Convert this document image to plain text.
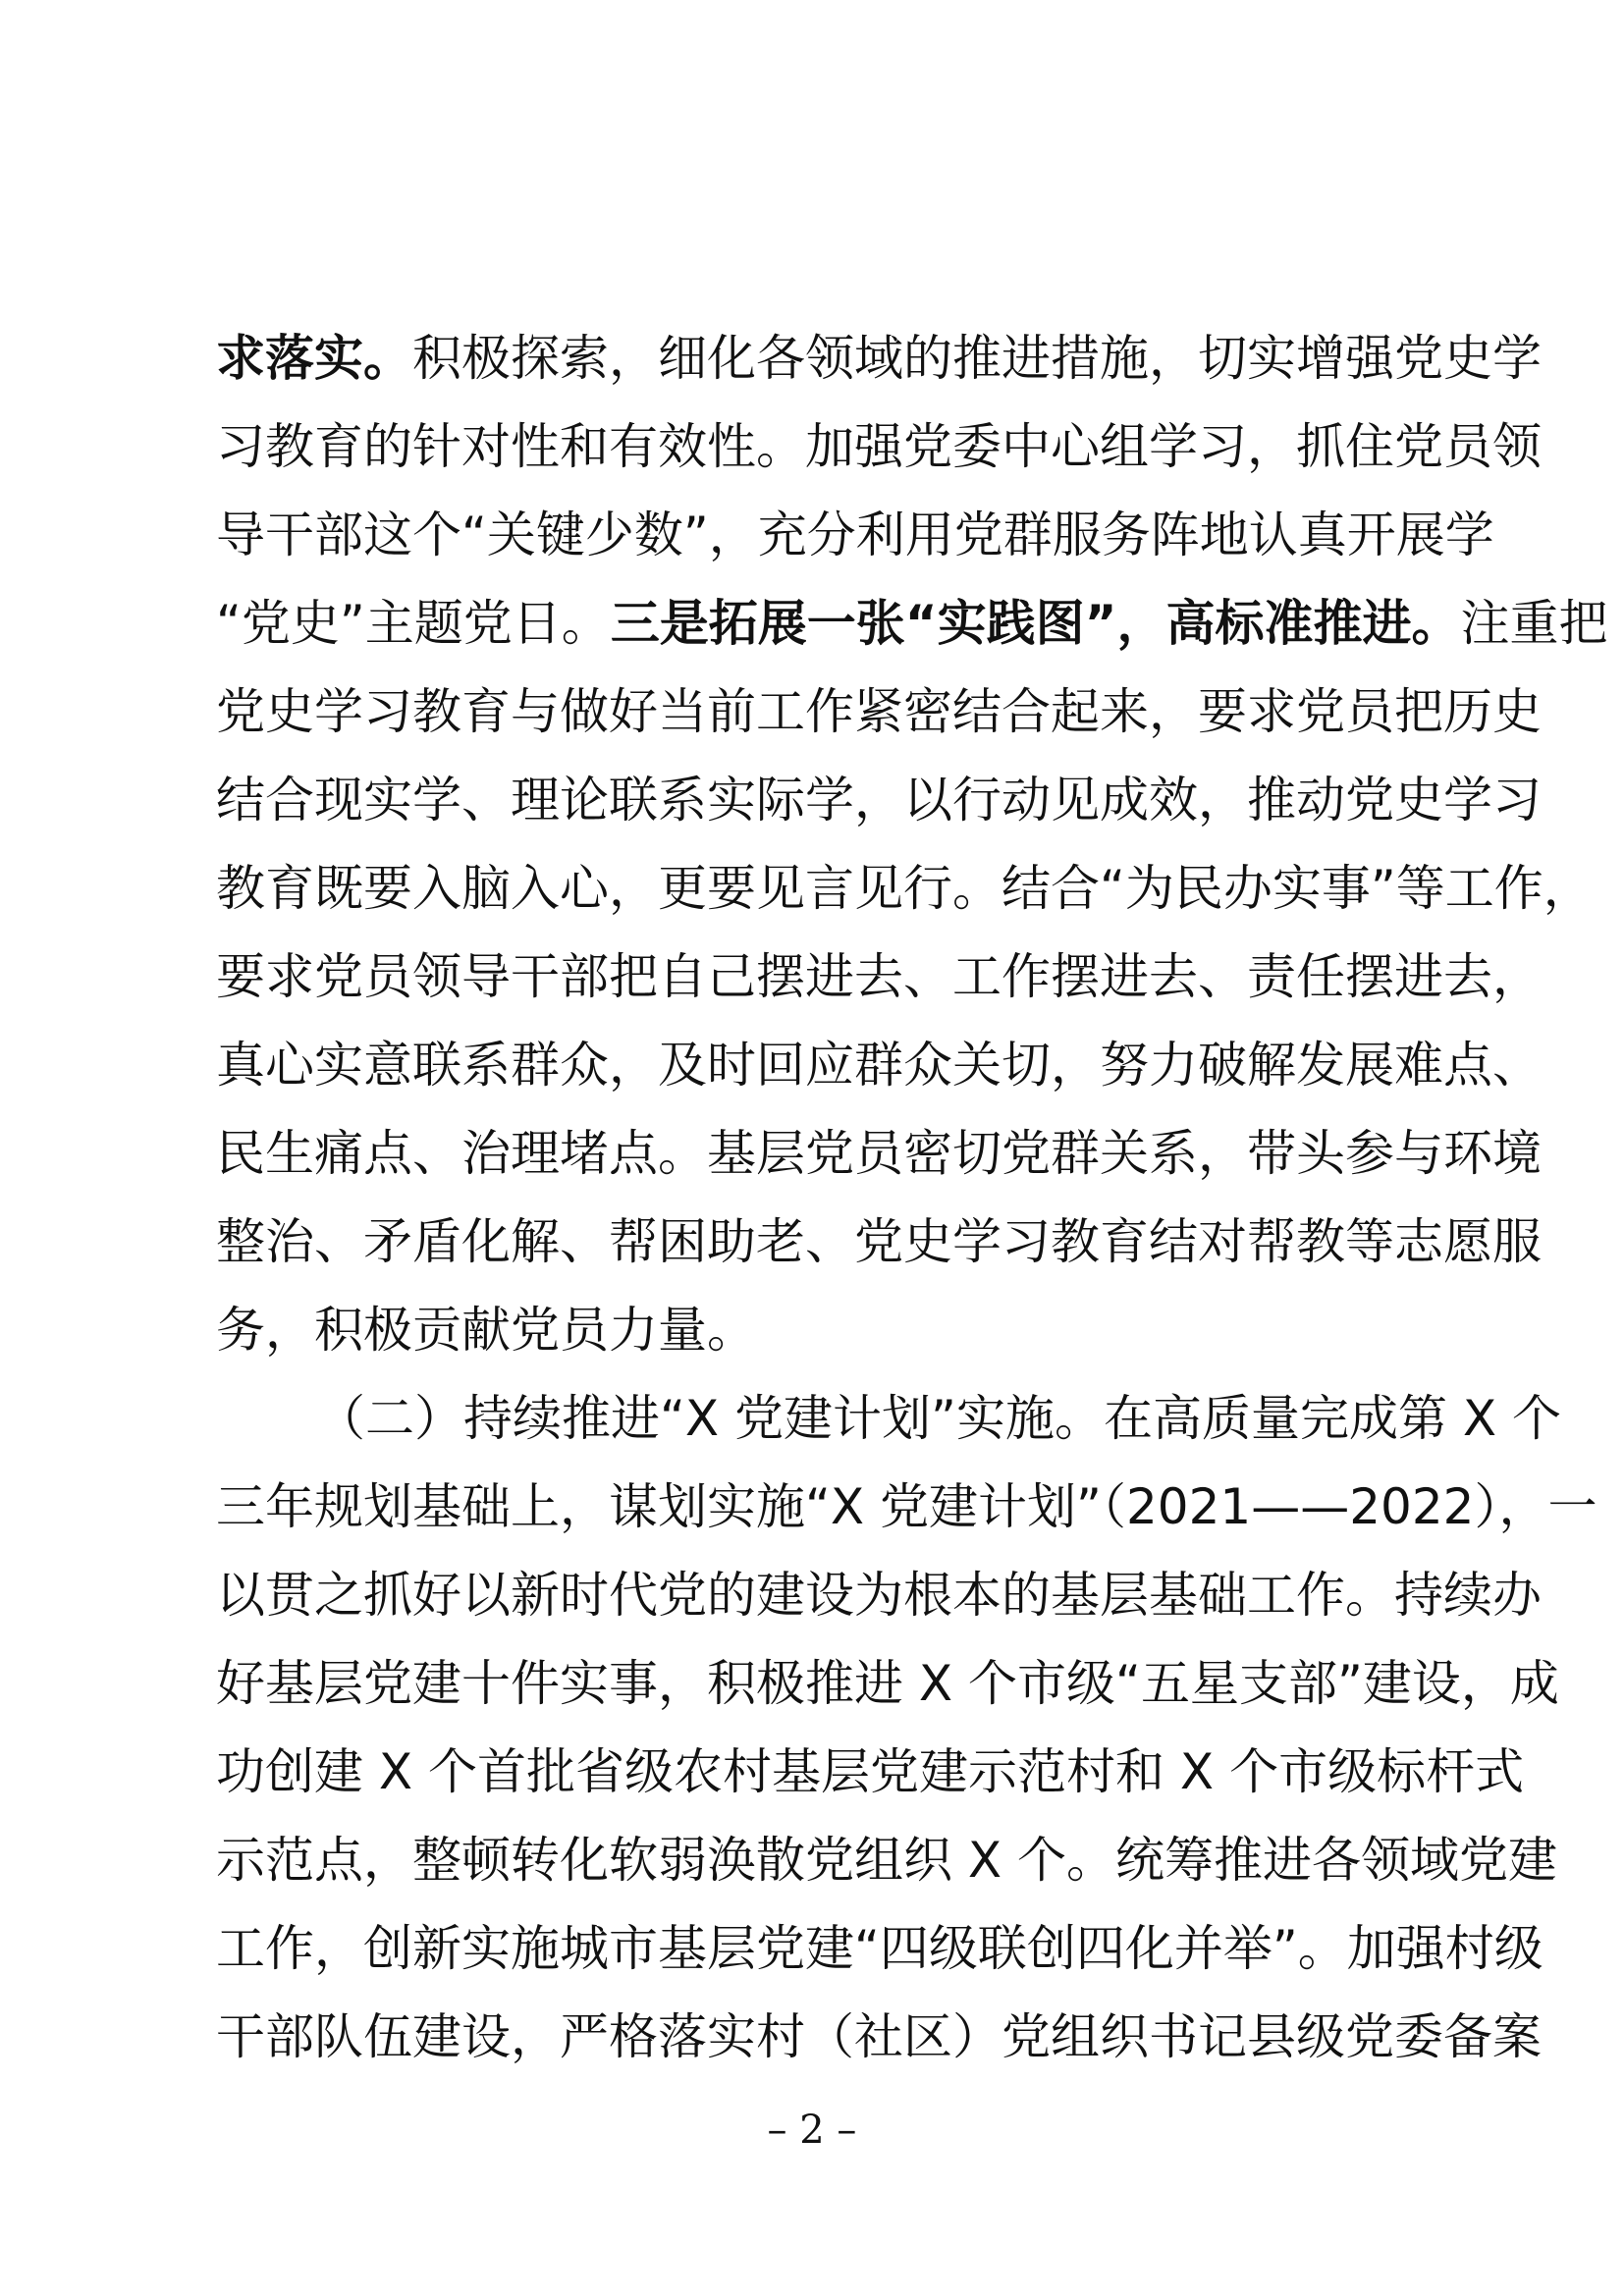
求落实。积极探索，细化各领域的推进措施，切实增强党史学
习教育的针对性和有效性。加强党委中心组学习，抓住党员领
导干部这个“关键少数”，充分利用党群服务阵地认真开展学
“党史”主题党日。三是拓展一张“实践图”，高标准推进。注重把
党史学习教育与做好当前工作紧密结合起来，要求党员把历史
结合现实学、理论联系实际学，以行动见成效，推动党史学习
教育既要入脑入心，更要见言见行。结合“为民办实事”等工作，
要求党员领导干部把自己摆进去、工作摆进去、责任摆进去，
真心实意联系群众，及时回应群众关切，努力破解发展难点、
民生痛点、治理堵点。基层党员密切党群关系，带头参与环境
整治、矛盾化解、帮困助老、党史学习教育结对帮教等志愿服
务，积极贡献党员力量。
（二）持续推进“X 党建计划”实施。在高质量完成第 X 个
三年规划基础上，谋划实施“X 党建计划”（2021——2022），一
以贯之抓好以新时代党的建设为根本的基层基础工作。持续办
好基层党建十件实事，积极推进 X 个市级“五星支部”建设，成
功创建 X 个首批省级农村基层党建示范村和 X 个市级标杆式
示范点，整顿转化软弱涣散党组织 X 个。统筹推进各领域党建
工作，创新实施城市基层党建“四级联创四化并举”。加强村级
干部队伍建设，严格落实村（社区）党组织书记县级党委备案
– 2 –
